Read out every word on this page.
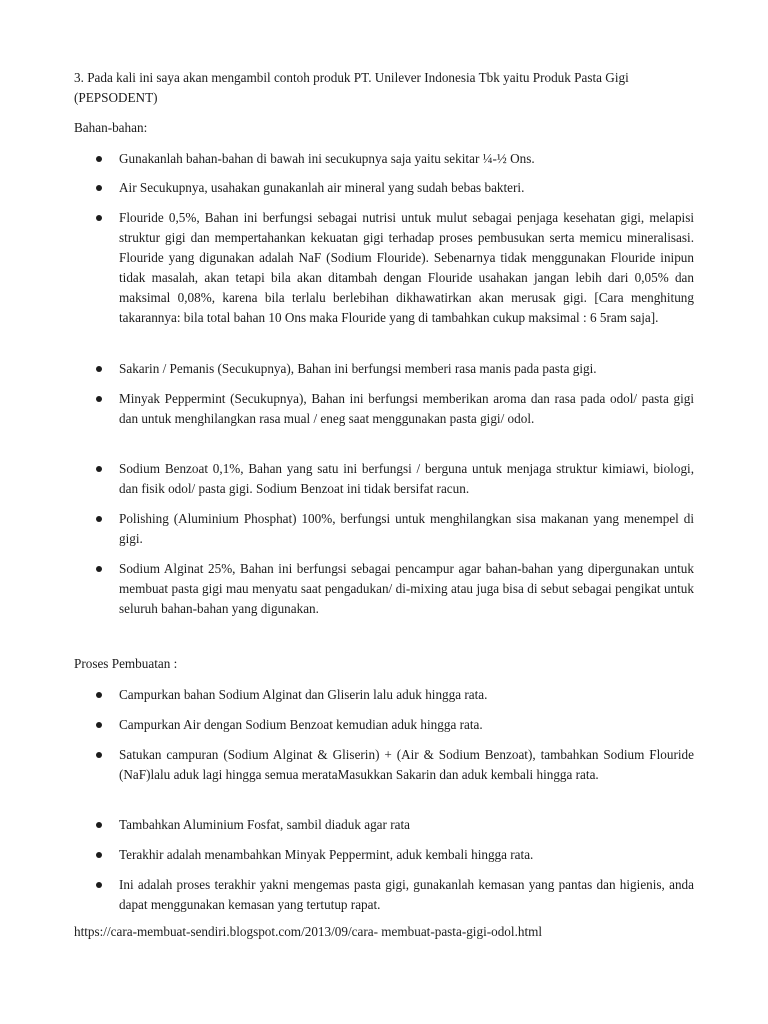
3. Pada kali ini saya akan mengambil contoh produk PT. Unilever Indonesia Tbk yaitu Produk Pasta Gigi (PEPSODENT)

Bahan-bahan:

Gunakanlah bahan-bahan di bawah ini secukupnya saja yaitu sekitar ¼-½ Ons.

Air Secukupnya, usahakan gunakanlah air mineral yang sudah bebas bakteri.

Flouride 0,5%, Bahan ini berfungsi sebagai nutrisi untuk mulut sebagai penjaga kesehatan gigi, melapisi struktur gigi dan mempertahankan kekuatan gigi terhadap proses pembusukan serta memicu mineralisasi. Flouride yang digunakan adalah NaF (Sodium Flouride). Sebenarnya tidak menggunakan Flouride inipun tidak masalah, akan tetapi bila akan ditambah dengan Flouride usahakan jangan lebih dari 0,05% dan maksimal 0,08%, karena bila terlalu berlebihan dikhawatirkan akan merusak gigi. [Cara menghitung takarannya: bila total bahan 10 Ons maka Flouride yang di tambahkan cukup maksimal : 6 5ram saja].

Sakarin / Pemanis (Secukupnya), Bahan ini berfungsi memberi rasa manis pada pasta gigi.

Minyak Peppermint (Secukupnya), Bahan ini berfungsi memberikan aroma dan rasa pada odol/ pasta gigi dan untuk menghilangkan rasa mual / eneg saat menggunakan pasta gigi/ odol.

Sodium Benzoat 0,1%, Bahan yang satu ini berfungsi / berguna untuk menjaga struktur kimiawi, biologi, dan fisik odol/ pasta gigi. Sodium Benzoat ini tidak bersifat racun.

Polishing (Aluminium Phosphat) 100%, berfungsi untuk menghilangkan sisa makanan yang menempel di gigi.

Sodium Alginat 25%, Bahan ini berfungsi sebagai pencampur agar bahan-bahan yang dipergunakan untuk membuat pasta gigi mau menyatu saat pengadukan/ di-mixing atau juga bisa di sebut sebagai pengikat untuk seluruh bahan-bahan yang digunakan.

Proses Pembuatan :

Campurkan bahan Sodium Alginat dan Gliserin lalu aduk hingga rata.

Campurkan Air dengan Sodium Benzoat kemudian aduk hingga rata.

Satukan campuran (Sodium Alginat & Gliserin) + (Air & Sodium Benzoat), tambahkan Sodium Flouride (NaF)lalu aduk lagi hingga semua merataMasukkan Sakarin dan aduk kembali hingga rata.

Tambahkan Aluminium Fosfat, sambil diaduk agar rata

Terakhir adalah menambahkan Minyak Peppermint, aduk kembali hingga rata.

Ini adalah proses terakhir yakni mengemas pasta gigi, gunakanlah kemasan yang pantas dan higienis, anda dapat menggunakan kemasan yang tertutup rapat.

https://cara-membuat-sendiri.blogspot.com/2013/09/cara- membuat-pasta-gigi-odol.html
